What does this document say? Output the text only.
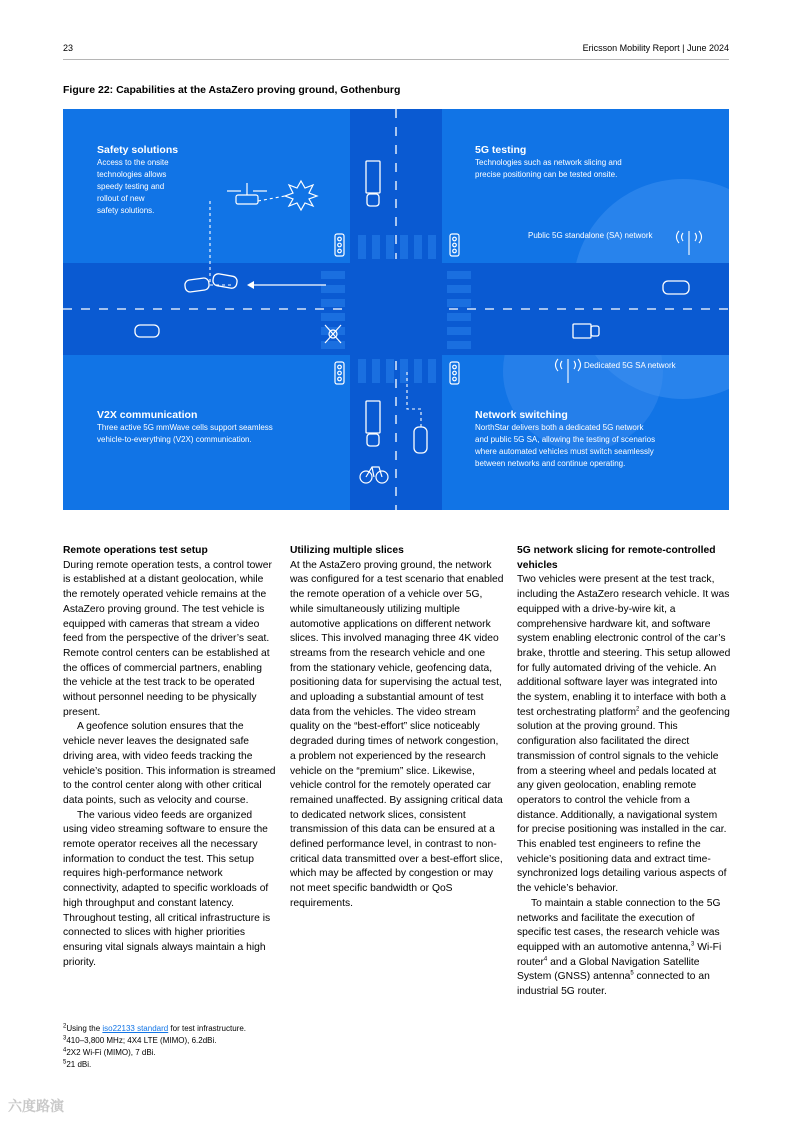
23	Ericsson Mobility Report | June 2024
Figure 22: Capabilities at the AstaZero proving ground, Gothenburg
Safety solutions
Access to the onsite
technologies allows
speedy testing and
rollout of new
safety solutions.
5G testing
Technologies such as network slicing and
precise positioning can be tested onsite.
Public 5G standalone (SA) network
Dedicated 5G SA network
V2X communication
Three active 5G mmWave cells support seamless
vehicle-to-everything (V2X) communication.
Network switching
NorthStar delivers both a dedicated 5G network
and public 5G SA, allowing the testing of scenarios
where automated vehicles must switch seamlessly
between networks and continue operating.
Remote operations test setup

During remote operation tests, a control tower is established at a distant geolocation, while the remotely operated vehicle remains at the AstaZero proving ground. The test vehicle is equipped with cameras that stream a video feed from the perspective of the driver’s seat. Remote control centers can be established at the offices of commercial partners, enabling the vehicle at the test track to be operated without personnel needing to be physically present.

A geofence solution ensures that the vehicle never leaves the designated safe driving area, with video feeds tracking the vehicle’s position. This information is streamed to the control center along with other critical data points, such as velocity and course.

The various video feeds are organized using video streaming software to ensure the remote operator receives all the necessary information to conduct the test. This setup requires high-performance network connectivity, adapted to specific workloads of high throughput and constant latency. Throughout testing, all critical infrastructure is connected to slices with higher priorities ensuring vital signals always maintain a high priority.

Utilizing multiple slices

At the AstaZero proving ground, the network was configured for a test scenario that enabled the remote operation of a vehicle over 5G, while simultaneously utilizing multiple automotive applications on different network slices. This involved managing three 4K video streams from the research vehicle and one from the stationary vehicle, geofencing data, positioning data for supervising the actual test, and uploading a substantial amount of test data from the vehicles. The video stream quality on the “best-effort” slice noticeably degraded during times of network congestion, a problem not experienced by the research vehicle on the “premium” slice. Likewise, vehicle control for the remotely operated car remained unaffected. By assigning critical data to dedicated network slices, consistent transmission of this data can be ensured at a defined performance level, in contrast to non-critical data transmitted over a best-effort slice, which may be affected by congestion or may not meet specific bandwidth or QoS requirements.

5G network slicing for remote-controlled vehicles

Two vehicles were present at the test track, including the AstaZero research vehicle. It was equipped with a drive-by-wire kit, a comprehensive hardware kit, and software system enabling electronic control of the car’s brake, throttle and steering. This setup allowed for fully automated driving of the vehicle. An additional software layer was integrated into the system, enabling it to interface with both a test orchestrating platform$^2$ and the geofencing solution at the proving ground. This configuration also facilitated the direct transmission of control signals to the vehicle from a steering wheel and pedals located at any given geolocation, enabling remote operators to control the vehicle from a distance. Additionally, a navigational system for precise positioning was installed in the car. This enabled test engineers to refine the vehicle’s positioning data and extract time-synchronized logs detailing various aspects of the vehicle’s behavior.

To maintain a stable connection to the 5G networks and facilitate the execution of specific test cases, the research vehicle was equipped with an automotive antenna,$^3$ Wi-Fi router$^4$ and a Global Navigation Satellite System (GNSS) antenna$^5$ connected to an industrial 5G router.

$^2$Using the iso22133 standard for test infrastructure.
$^3$410–3,800 MHz; 4X4 LTE (MIMO), 6.2dBi.
$^4$2X2 Wi-Fi (MIMO), 7 dBi.
$^5$21 dBi.
六度路演
